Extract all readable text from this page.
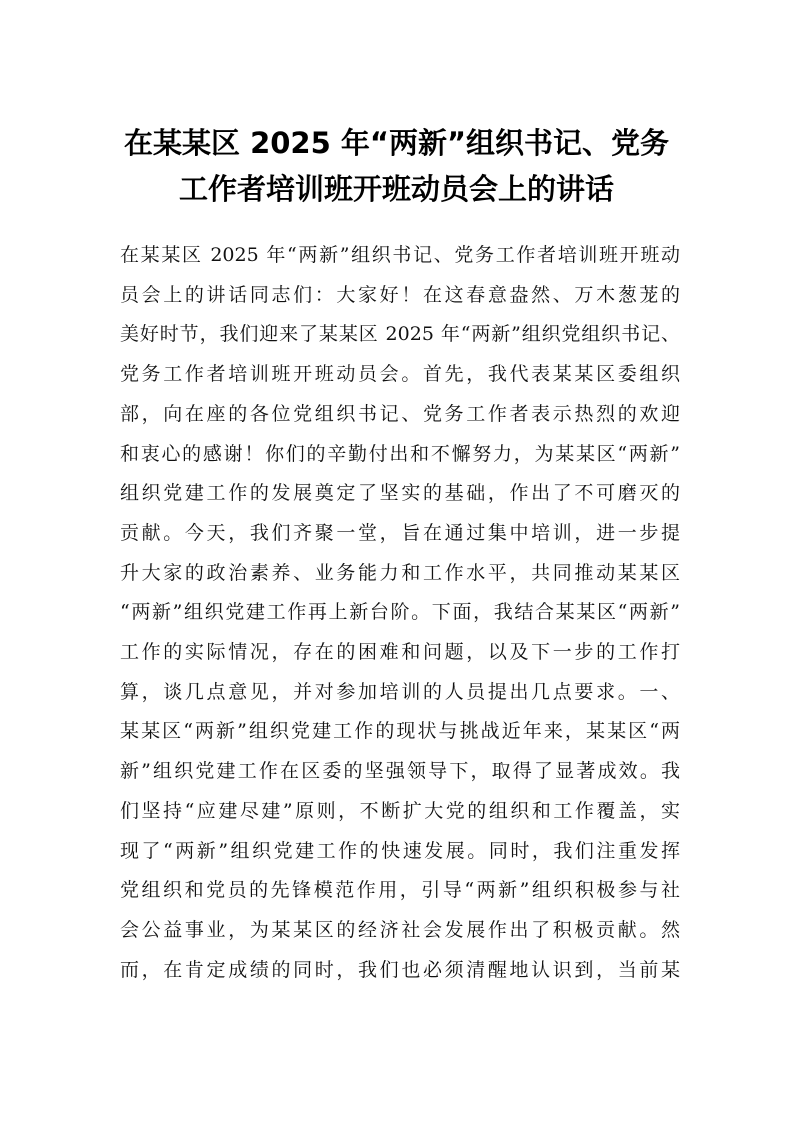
在某某区 2025 年“两新”组织书记、党务
工作者培训班开班动员会上的讲话
在某某区 2025 年“两新”组织书记、党务工作者培训班开班动
员会上的讲话同志们：大家好！在这春意盎然、万木葱茏的
美好时节，我们迎来了某某区 2025 年“两新”组织党组织书记、
党务工作者培训班开班动员会。首先，我代表某某区委组织
部，向在座的各位党组织书记、党务工作者表示热烈的欢迎
和衷心的感谢！你们的辛勤付出和不懈努力，为某某区“两新”
组织党建工作的发展奠定了坚实的基础，作出了不可磨灭的
贡献。今天，我们齐聚一堂，旨在通过集中培训，进一步提
升大家的政治素养、业务能力和工作水平，共同推动某某区
“两新”组织党建工作再上新台阶。下面，我结合某某区“两新”
工作的实际情况，存在的困难和问题，以及下一步的工作打
算，谈几点意见，并对参加培训的人员提出几点要求。一、
某某区“两新”组织党建工作的现状与挑战近年来，某某区“两
新”组织党建工作在区委的坚强领导下，取得了显著成效。我
们坚持“应建尽建”原则，不断扩大党的组织和工作覆盖，实
现了“两新”组织党建工作的快速发展。同时，我们注重发挥
党组织和党员的先锋模范作用，引导“两新”组织积极参与社
会公益事业，为某某区的经济社会发展作出了积极贡献。然
而，在肯定成绩的同时，我们也必须清醒地认识到，当前某
